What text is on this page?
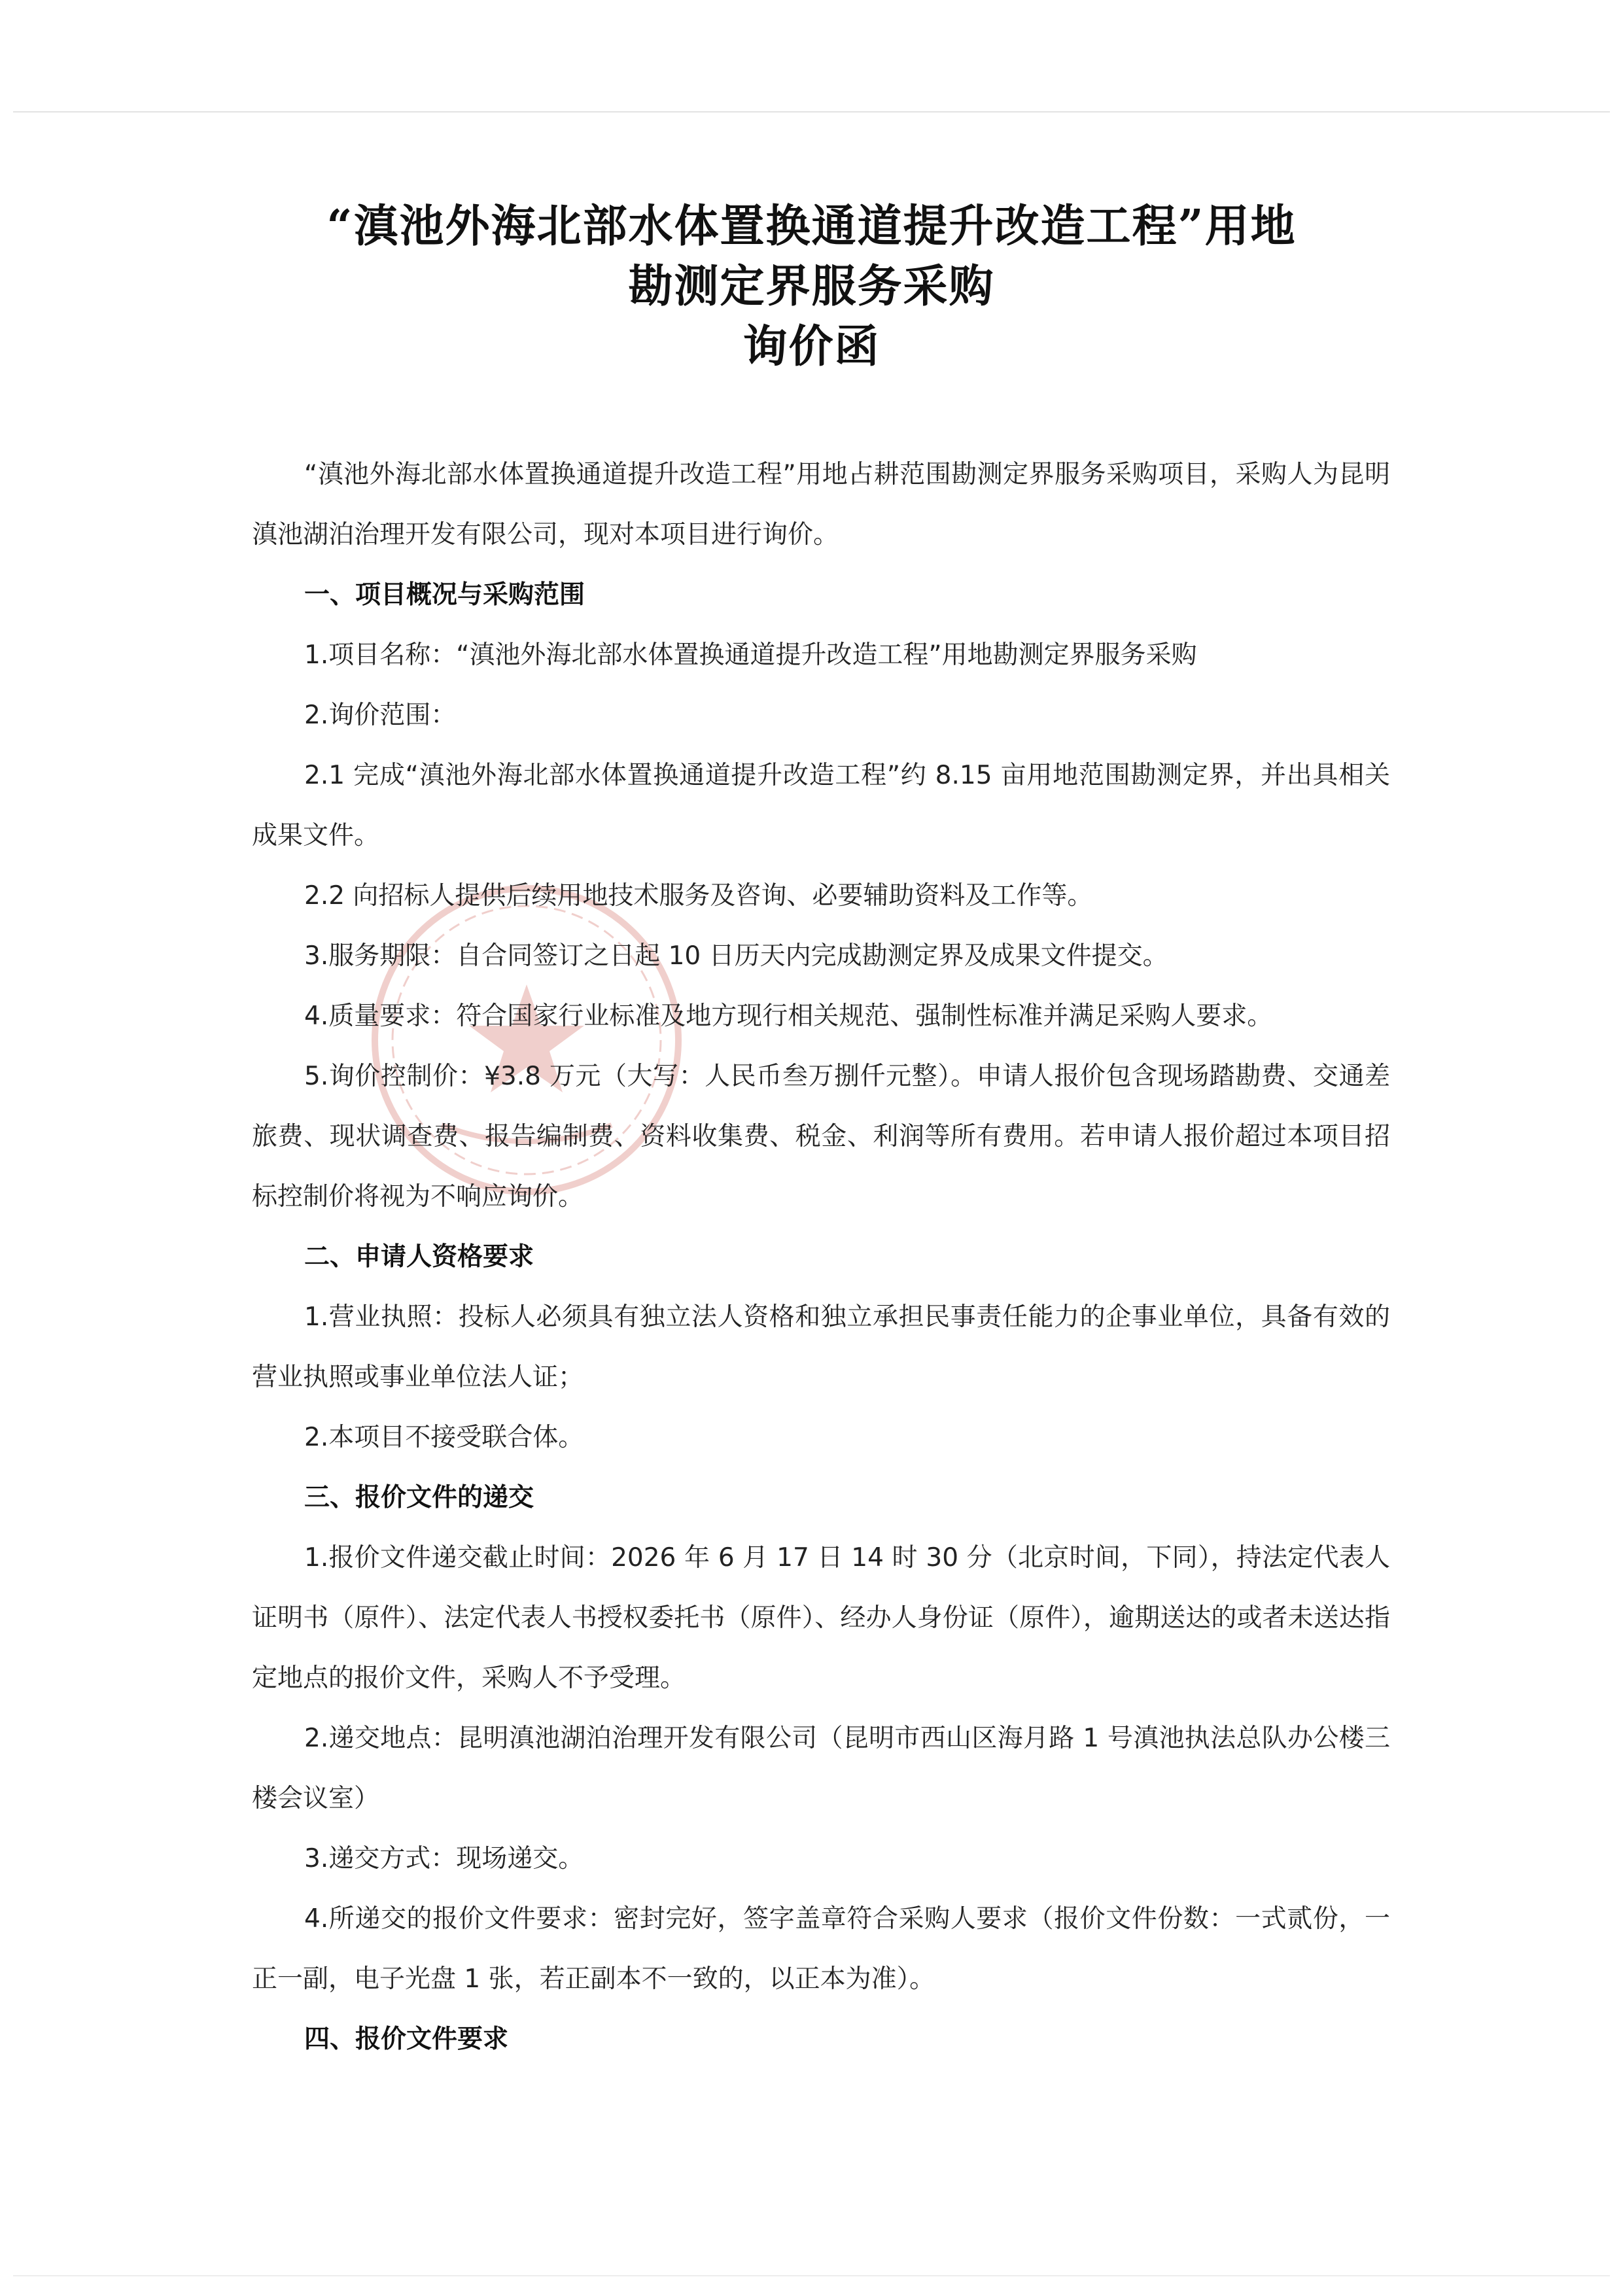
“滇池外海北部水体置换通道提升改造工程”用地
勘测定界服务采购
询价函

“滇池外海北部水体置换通道提升改造工程”用地占耕范围勘测定界服务采购项目，采购人为昆明滇池湖泊治理开发有限公司，现对本项目进行询价。

一、项目概况与采购范围

1.项目名称：“滇池外海北部水体置换通道提升改造工程”用地勘测定界服务采购

2.询价范围：

2.1 完成“滇池外海北部水体置换通道提升改造工程”约 8.15 亩用地范围勘测定界，并出具相关成果文件。

2.2 向招标人提供后续用地技术服务及咨询、必要辅助资料及工作等。

3.服务期限：自合同签订之日起 10 日历天内完成勘测定界及成果文件提交。

4.质量要求：符合国家行业标准及地方现行相关规范、强制性标准并满足采购人要求。

5.询价控制价：¥3.8 万元（大写：人民币叁万捌仟元整）。申请人报价包含现场踏勘费、交通差旅费、现状调查费、报告编制费、资料收集费、税金、利润等所有费用。若申请人报价超过本项目招标控制价将视为不响应询价。

二、申请人资格要求

1.营业执照：投标人必须具有独立法人资格和独立承担民事责任能力的企事业单位，具备有效的营业执照或事业单位法人证；

2.本项目不接受联合体。

三、报价文件的递交

1.报价文件递交截止时间：2026 年 6 月 17 日 14 时 30 分（北京时间，下同），持法定代表人证明书（原件）、法定代表人书授权委托书（原件）、经办人身份证（原件），逾期送达的或者未送达指定地点的报价文件，采购人不予受理。

2.递交地点：昆明滇池湖泊治理开发有限公司（昆明市西山区海月路 1 号滇池执法总队办公楼三楼会议室）

3.递交方式：现场递交。

4.所递交的报价文件要求：密封完好，签字盖章符合采购人要求（报价文件份数：一式贰份，一正一副，电子光盘 1 张，若正副本不一致的，以正本为准）。

四、报价文件要求
